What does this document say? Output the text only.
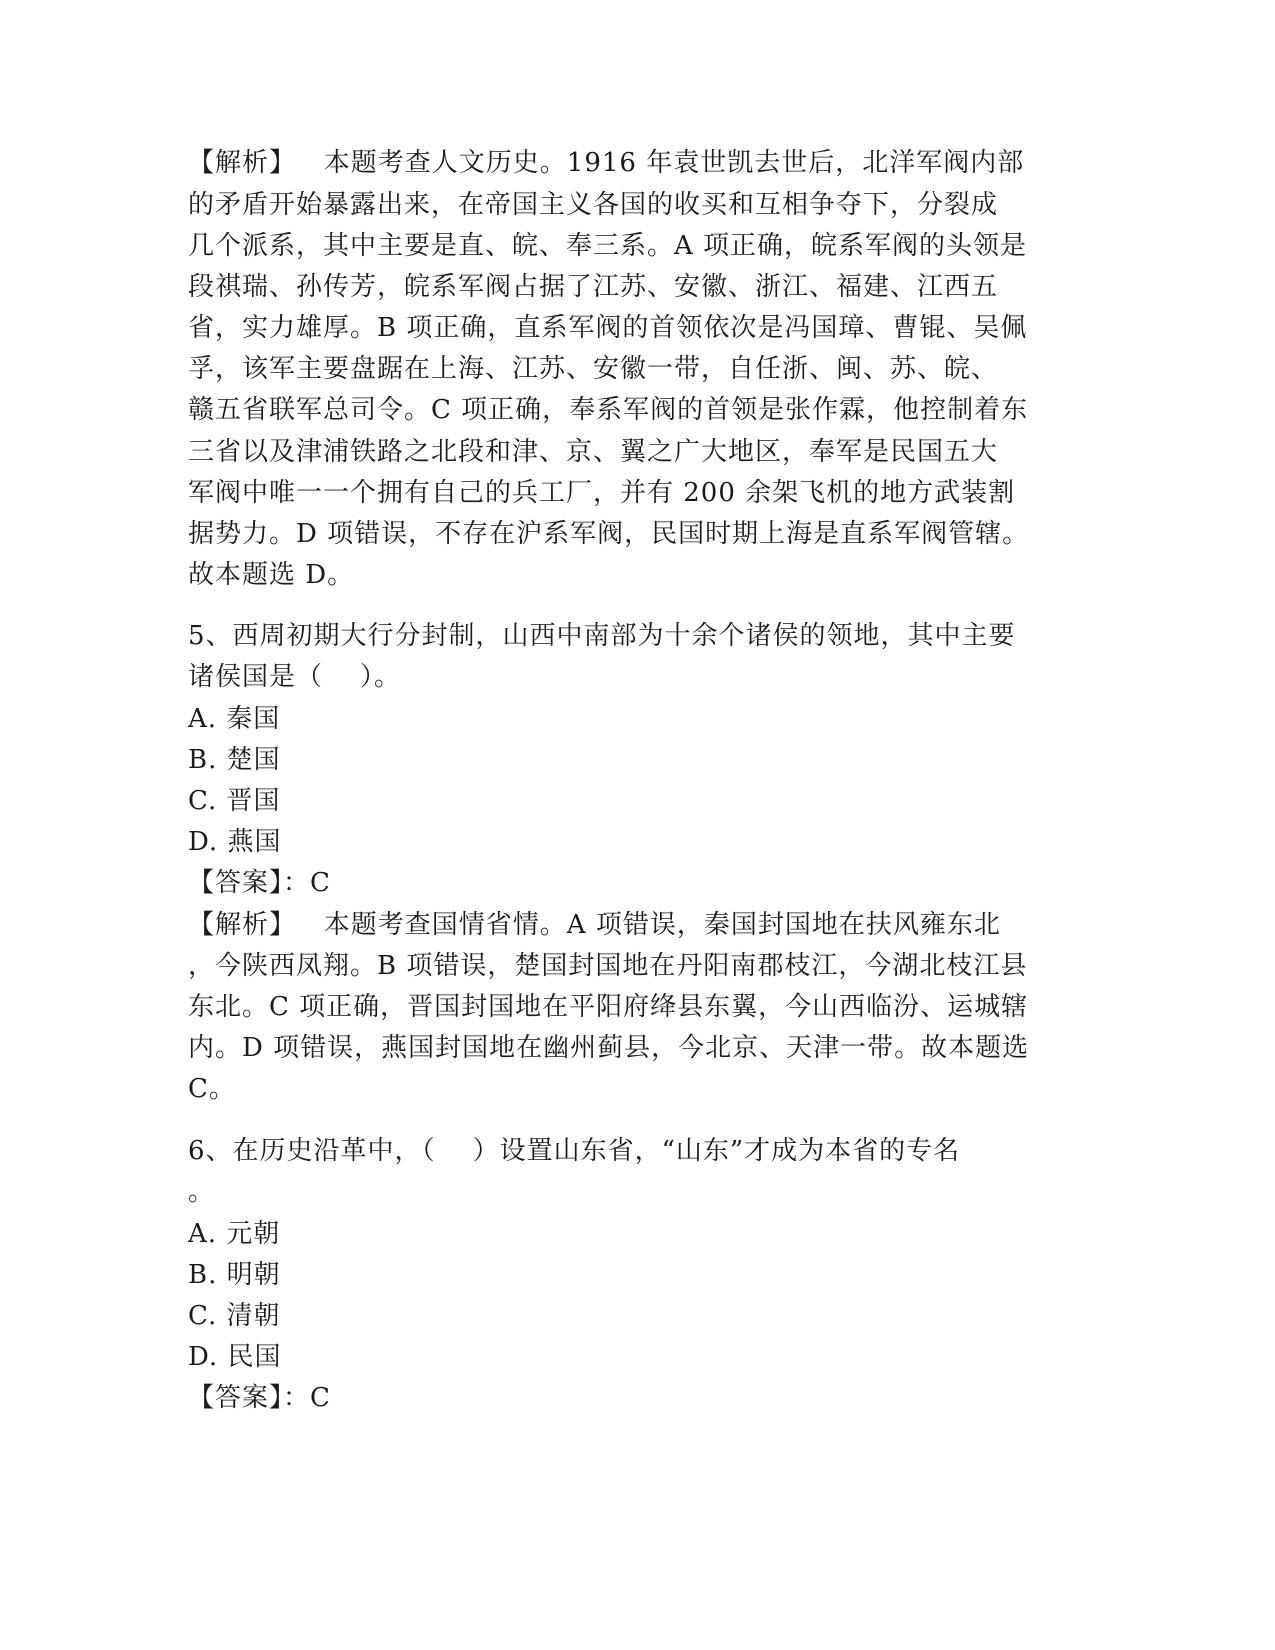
【解析】   本题考查人文历史。1916 年袁世凯去世后，北洋军阀内部
的矛盾开始暴露出来，在帝国主义各国的收买和互相争夺下，分裂成
几个派系，其中主要是直、皖、奉三系。A 项正确，皖系军阀的头领是
段祺瑞、孙传芳，皖系军阀占据了江苏、安徽、浙江、福建、江西五
省，实力雄厚。B 项正确，直系军阀的首领依次是冯国璋、曹锟、吴佩
孚，该军主要盘踞在上海、江苏、安徽一带，自任浙、闽、苏、皖、
赣五省联军总司令。C 项正确，奉系军阀的首领是张作霖，他控制着东
三省以及津浦铁路之北段和津、京、翼之广大地区，奉军是民国五大
军阀中唯一一个拥有自己的兵工厂，并有 200 余架飞机的地方武装割
据势力。D 项错误，不存在沪系军阀，民国时期上海是直系军阀管辖。
故本题选 D。
5、西周初期大行分封制，山西中南部为十余个诸侯的领地，其中主要
诸侯国是（    ）。
A. 秦国
B. 楚国
C. 晋国
D. 燕国
【答案】：C
【解析】   本题考查国情省情。A 项错误，秦国封国地在扶风雍东北
，今陕西凤翔。B 项错误，楚国封国地在丹阳南郡枝江，今湖北枝江县
东北。C 项正确，晋国封国地在平阳府绛县东翼，今山西临汾、运城辖
内。D 项错误，燕国封国地在幽州蓟县，今北京、天津一带。故本题选
C。
6、在历史沿革中，（    ）设置山东省，“山东”才成为本省的专名
。
A. 元朝
B. 明朝
C. 清朝
D. 民国
【答案】：C
